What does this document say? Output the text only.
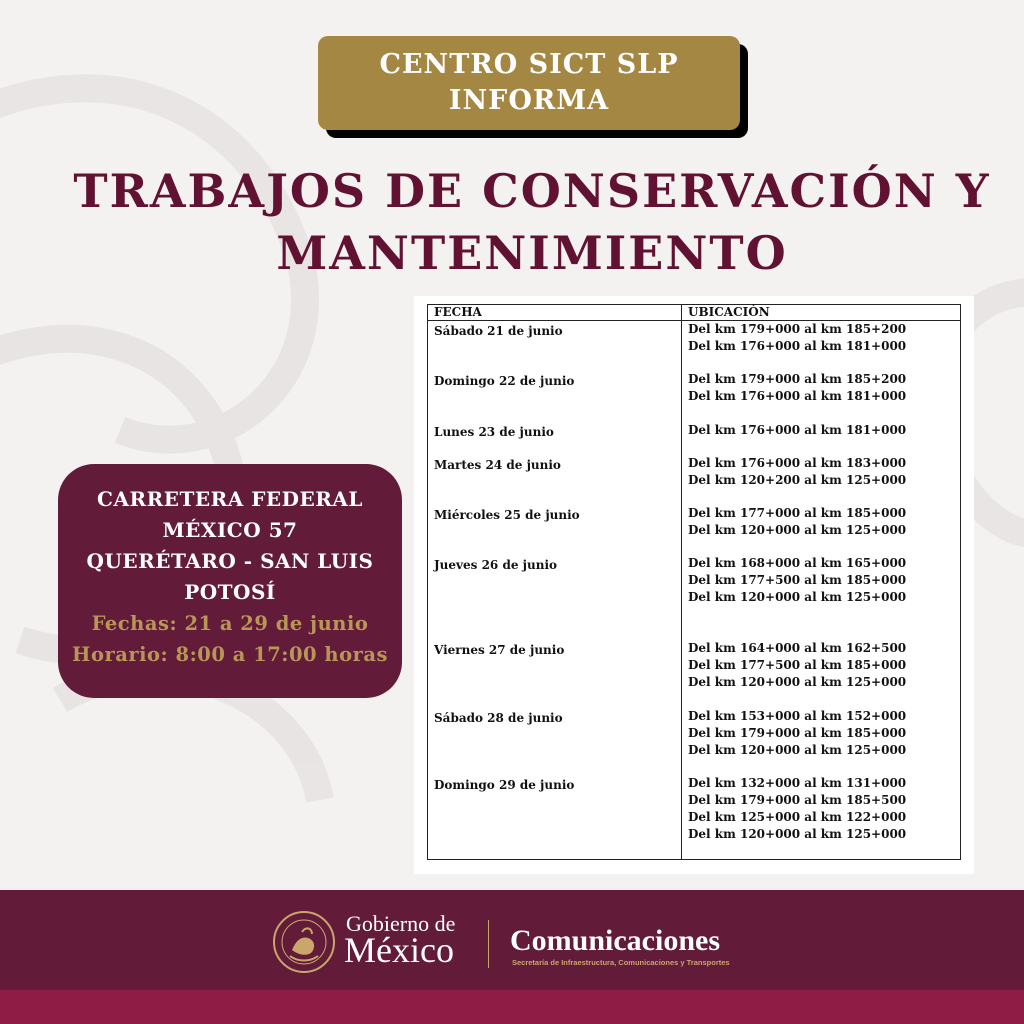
CENTRO SICT SLP
INFORMA
TRABAJOS DE CONSERVACIÓN Y
MANTENIMIENTO
CARRETERA FEDERAL
MÉXICO 57
QUERÉTARO - SAN LUIS
POTOSÍ
Fechas: 21 a 29 de junio
Horario: 8:00 a 17:00 horas
FECHA	UBICACIÓN

Sábado 21 de junio	Del km 179+000 al km 185+200
Del km 176+000 al km 181+000

Domingo 22 de junio	Del km 179+000 al km 185+200
Del km 176+000 al km 181+000

Lunes 23 de junio	Del km 176+000 al km 181+000

Martes 24 de junio	Del km 176+000 al km 183+000
Del km 120+200 al km 125+000

Miércoles 25 de junio	Del km 177+000 al km 185+000
Del km 120+000 al km 125+000

Jueves 26 de junio	Del km 168+000 al km 165+000
Del km 177+500 al km 185+000
Del km 120+000 al km 125+000

Viernes 27 de junio	Del km 164+000 al km 162+500
Del km 177+500 al km 185+000
Del km 120+000 al km 125+000

Sábado 28 de junio	Del km 153+000 al km 152+000
Del km 179+000 al km 185+000
Del km 120+000 al km 125+000

Domingo 29 de junio	Del km 132+000 al km 131+000
Del km 179+000 al km 185+500
Del km 125+000 al km 122+000
Del km 120+000 al km 125+000
Gobierno de
México Comunicaciones
Secretaría de Infraestructura, Comunicaciones y Transportes
